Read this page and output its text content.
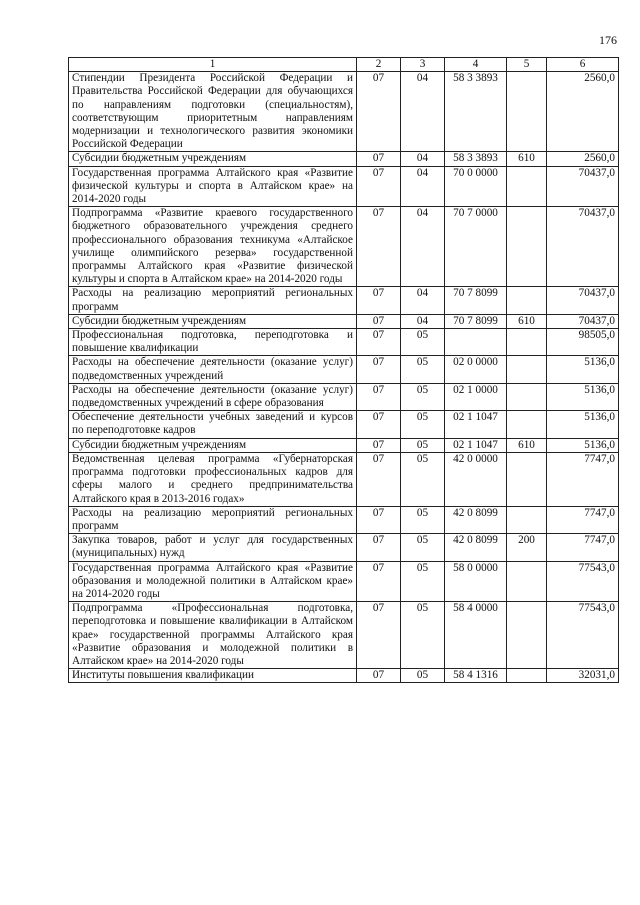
176
1	2	3	4	5	6
Стипендии Президента Российской Федерации и Правительства Российской Федерации для обучающихся по направлениям подготовки (специальностям), соответствующим приоритетным направлениям модернизации и технологического развития экономики Российской Федерации	07	04	58 3 3893		2560,0
Субсидии бюджетным учреждениям	07	04	58 3 3893	610	2560,0
Государственная программа Алтайского края «Развитие физической культуры и спорта в Алтайском крае» на 2014-2020 годы	07	04	70 0 0000		70437,0
Подпрограмма «Развитие краевого государственного бюджетного образовательного учреждения среднего профессионального образования техникума «Алтайское училище олимпийского резерва» государственной программы Алтайского края «Развитие физической культуры и спорта в Алтайском крае» на 2014-2020 годы	07	04	70 7 0000		70437,0
Расходы на реализацию мероприятий региональных программ	07	04	70 7 8099		70437,0
Субсидии бюджетным учреждениям	07	04	70 7 8099	610	70437,0
Профессиональная подготовка, переподготовка и повышение квалификации	07	05			98505,0
Расходы на обеспечение деятельности (оказание услуг) подведомственных учреждений	07	05	02 0 0000		5136,0
Расходы на обеспечение деятельности (оказание услуг) подведомственных учреждений в сфере образования	07	05	02 1 0000		5136,0
Обеспечение деятельности учебных заведений и курсов по переподготовке кадров	07	05	02 1 1047		5136,0
Субсидии бюджетным учреждениям	07	05	02 1 1047	610	5136,0
Ведомственная целевая программа «Губернаторская программа подготовки профессиональных кадров для сферы малого и среднего предпринимательства Алтайского края в 2013-2016 годах»	07	05	42 0 0000		7747,0
Расходы на реализацию мероприятий региональных программ	07	05	42 0 8099		7747,0
Закупка товаров, работ и услуг для государственных (муниципальных) нужд	07	05	42 0 8099	200	7747,0
Государственная программа Алтайского края «Развитие образования и молодежной политики в Алтайском крае» на 2014-2020 годы	07	05	58 0 0000		77543,0
Подпрограмма «Профессиональная подготовка, переподготовка и повышение квалификации в Алтайском крае» государственной программы Алтайского края «Развитие образования и молодежной политики в Алтайском крае» на 2014-2020 годы	07	05	58 4 0000		77543,0
Институты повышения квалификации	07	05	58 4 1316		32031,0
